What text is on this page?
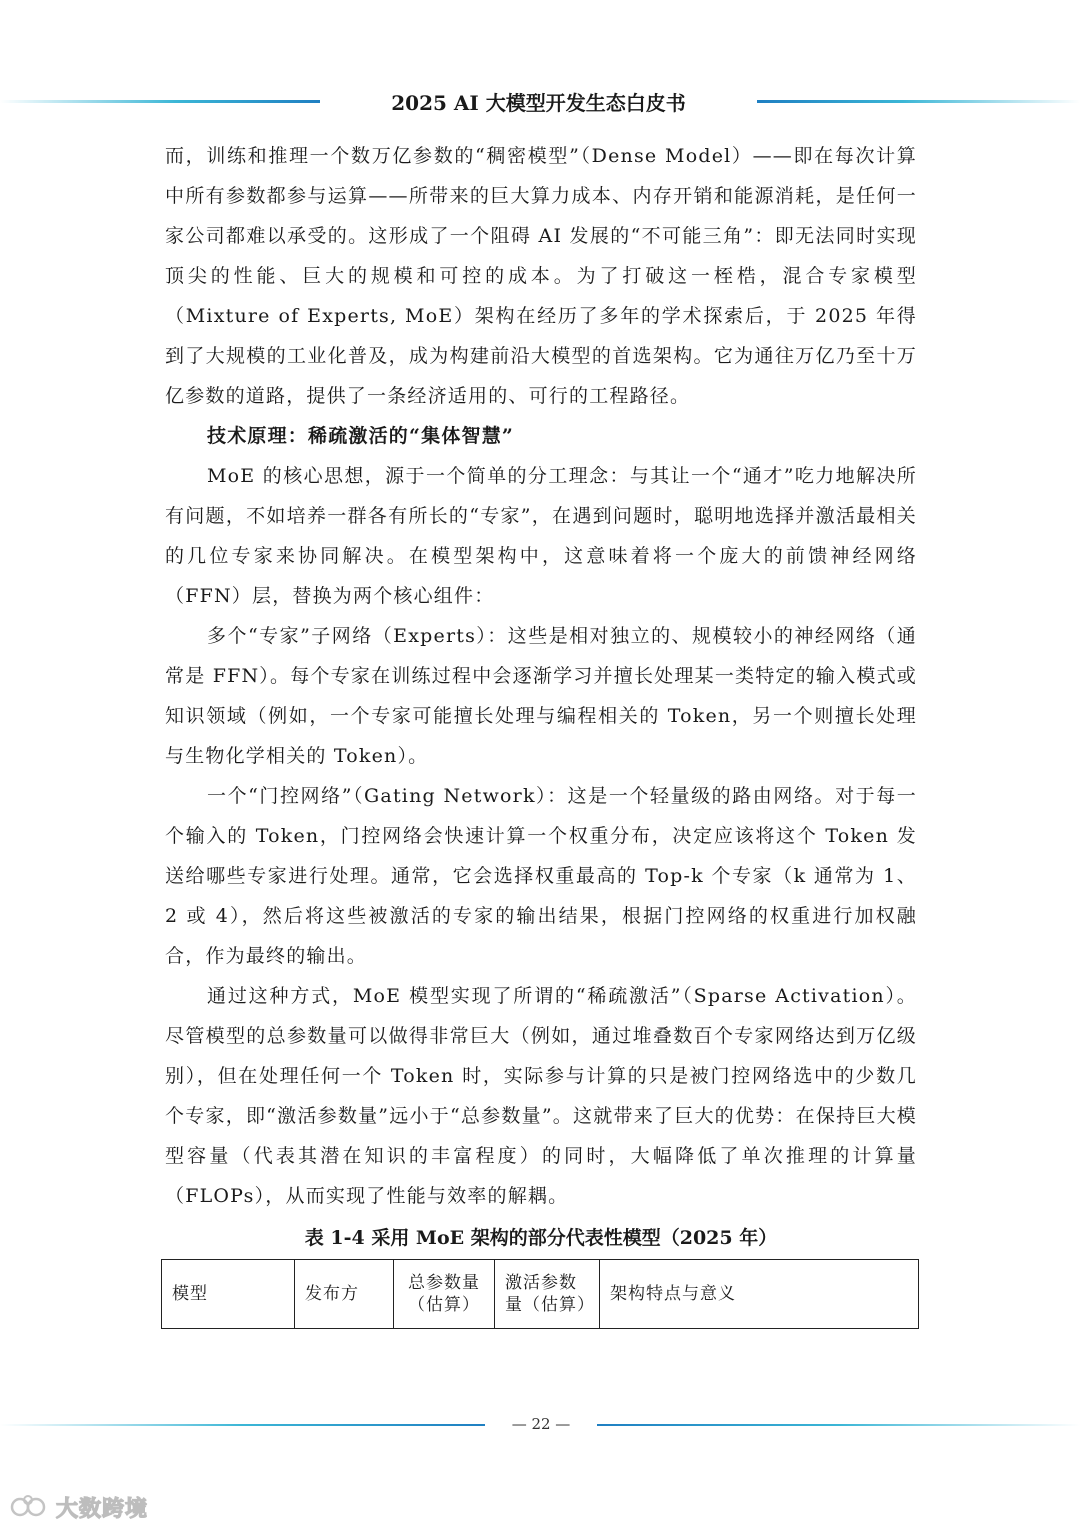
2025 AI 大模型开发生态白皮书

而，训练和推理一个数万亿参数的“稠密模型”（Dense Model）——即在每次计算中所有参数都参与运算——所带来的巨大算力成本、内存开销和能源消耗，是任何一家公司都难以承受的。这形成了一个阻碍 AI 发展的“不可能三角”：即无法同时实现顶尖的性能、巨大的规模和可控的成本。为了打破这一桎梏，混合专家模型（Mixture of Experts, MoE）架构在经历了多年的学术探索后，于 2025 年得到了大规模的工业化普及，成为构建前沿大模型的首选架构。它为通往万亿乃至十万亿参数的道路，提供了一条经济适用的、可行的工程路径。

技术原理：稀疏激活的“集体智慧”

MoE 的核心思想，源于一个简单的分工理念：与其让一个“通才”吃力地解决所有问题，不如培养一群各有所长的“专家”，在遇到问题时，聪明地选择并激活最相关的几位专家来协同解决。在模型架构中，这意味着将一个庞大的前馈神经网络（FFN）层，替换为两个核心组件：

多个“专家”子网络（Experts）：这些是相对独立的、规模较小的神经网络（通常是 FFN）。每个专家在训练过程中会逐渐学习并擅长处理某一类特定的输入模式或知识领域（例如，一个专家可能擅长处理与编程相关的 Token，另一个则擅长处理与生物化学相关的 Token）。

一个“门控网络”（Gating Network）：这是一个轻量级的路由网络。对于每一个输入的 Token，门控网络会快速计算一个权重分布，决定应该将这个 Token 发送给哪些专家进行处理。通常，它会选择权重最高的 Top-k 个专家（k 通常为 1、2 或 4），然后将这些被激活的专家的输出结果，根据门控网络的权重进行加权融合，作为最终的输出。

通过这种方式，MoE 模型实现了所谓的“稀疏激活”（Sparse Activation）。尽管模型的总参数量可以做得非常巨大（例如，通过堆叠数百个专家网络达到万亿级别），但在处理任何一个 Token 时，实际参与计算的只是被门控网络选中的少数几个专家，即“激活参数量”远小于“总参数量”。这就带来了巨大的优势：在保持巨大模型容量（代表其潜在知识的丰富程度）的同时，大幅降低了单次推理的计算量（FLOPs），从而实现了性能与效率的解耦。

表 1-4 采用 MoE 架构的部分代表性模型（2025 年）
模型	发布方	总参数量（估算）	激活参数量（估算）	架构特点与意义
— 22 —
大数跨境
